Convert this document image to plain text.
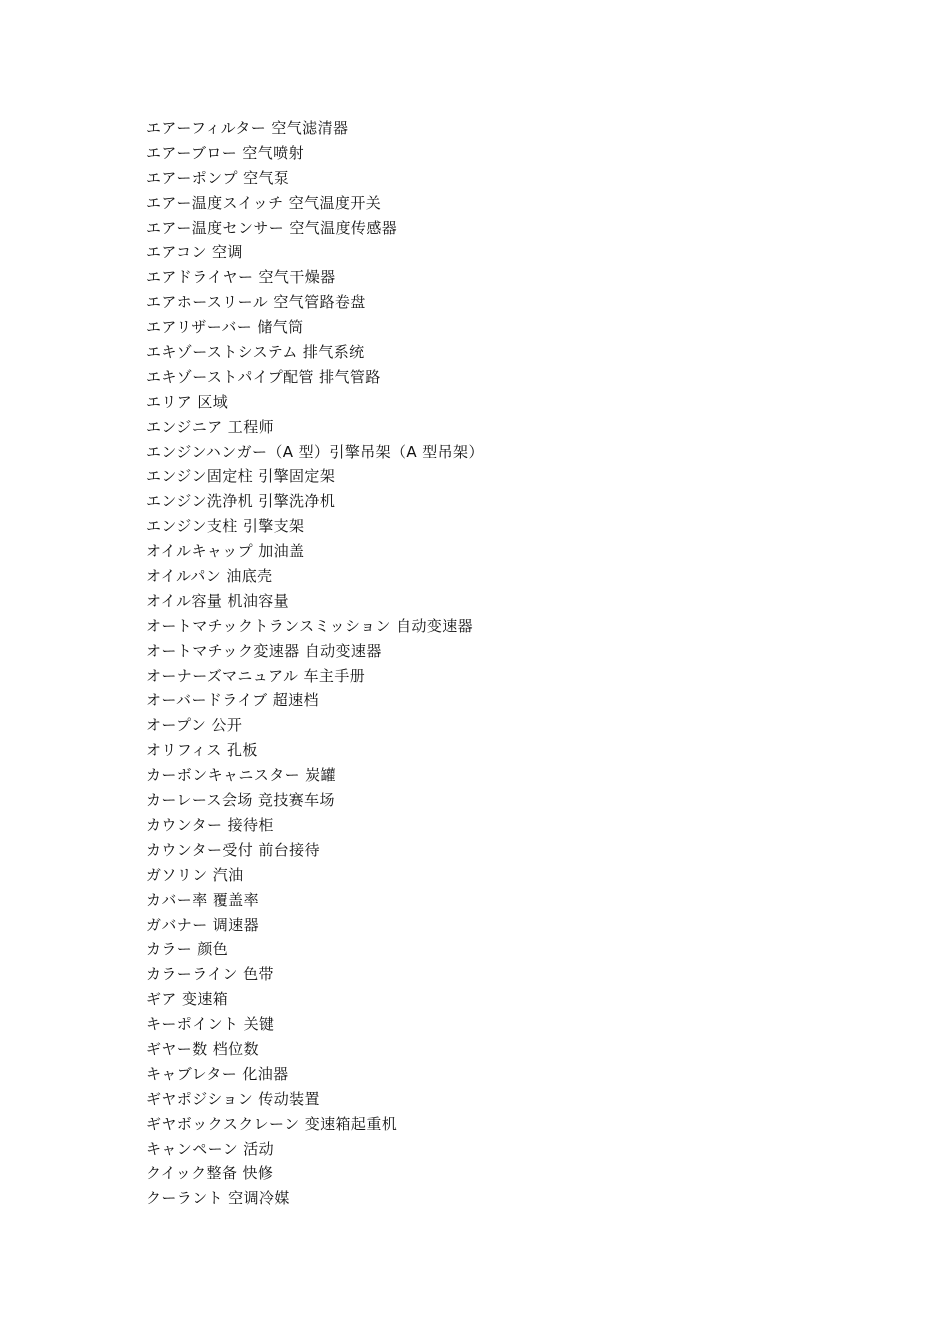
エアーフィルター 空气滤清器
エアーブロー 空气喷射
エアーポンプ 空气泵
エアー温度スイッチ 空气温度开关
エアー温度センサー 空气温度传感器
エアコン 空调
エアドライヤー 空气干燥器
エアホースリール 空气管路卷盘
エアリザーバー 储气筒
エキゾーストシステム 排气系统
エキゾーストパイプ配管 排气管路
エリア 区域
エンジニア 工程师
エンジンハンガー（A 型）引擎吊架（A 型吊架）
エンジン固定柱 引擎固定架
エンジン洗浄机 引擎洗净机
エンジン支柱 引擎支架
オイルキャップ 加油盖
オイルパン 油底壳
オイル容量 机油容量
オートマチックトランスミッション 自动变速器
オートマチック変速器 自动变速器
オーナーズマニュアル 车主手册
オーバードライブ 超速档
オープン 公开
オリフィス 孔板
カーボンキャニスター 炭罐
カーレース会场 竞技赛车场
カウンター 接待柜
カウンター受付 前台接待
ガソリン 汽油
カバー率 覆盖率
ガバナー 调速器
カラー 颜色
カラーライン 色带
ギア 变速箱
キーポイント 关键
ギヤー数 档位数
キャブレター 化油器
ギヤポジション 传动装置
ギヤボックスクレーン 变速箱起重机
キャンペーン 活动
クイック整备 快修
クーラント 空调冷媒
